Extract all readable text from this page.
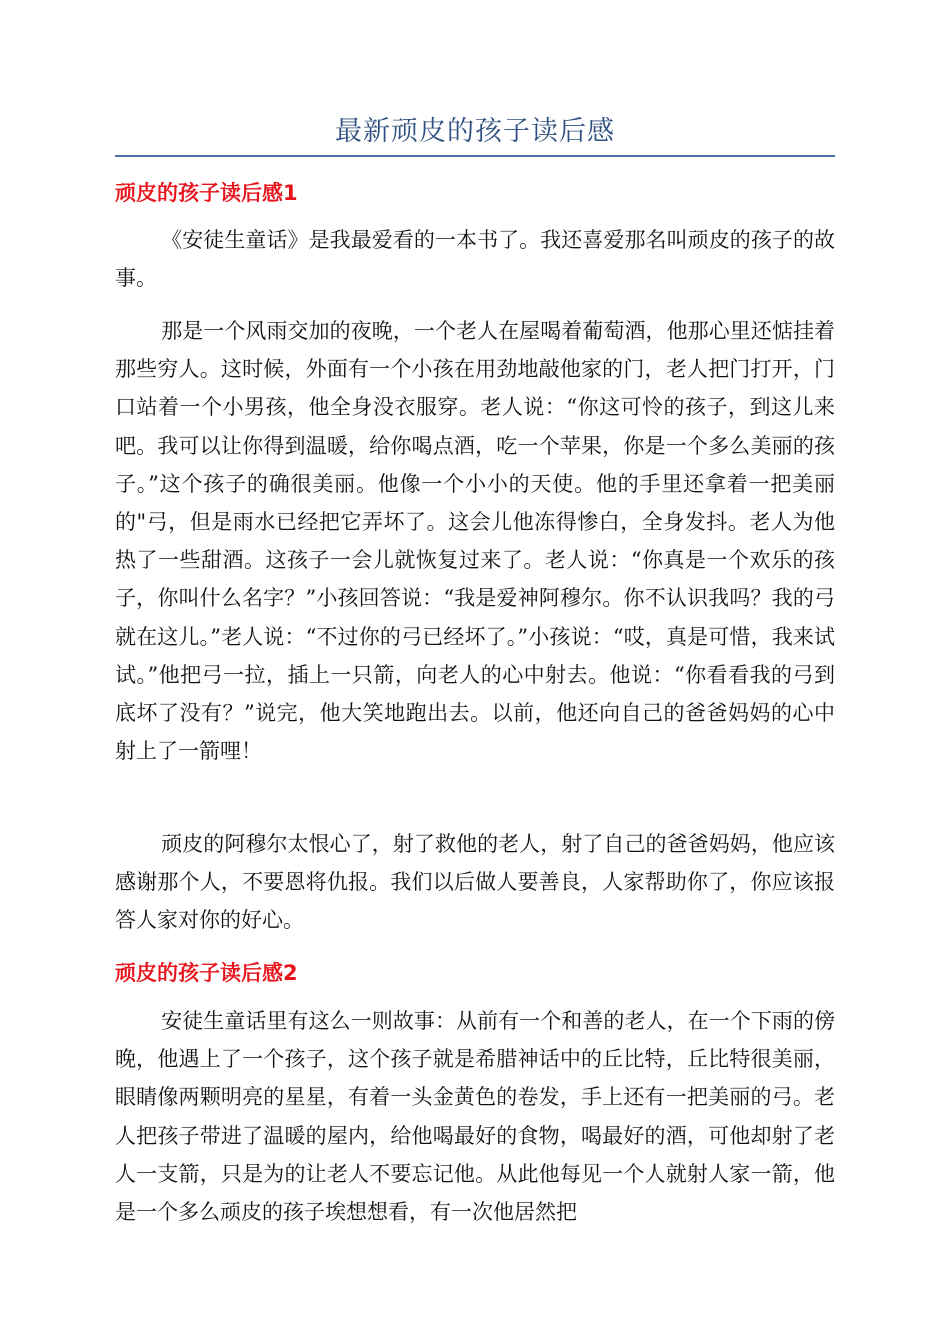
最新顽皮的孩子读后感
顽皮的孩子读后感1

《安徒生童话》是我最爱看的一本书了。我还喜爱那名叫顽皮的孩子的故事。

那是一个风雨交加的夜晚，一个老人在屋喝着葡萄酒，他那心里还惦挂着那些穷人。这时候，外面有一个小孩在用劲地敲他家的门，老人把门打开，门口站着一个小男孩，他全身没衣服穿。老人说：“你这可怜的孩子，到这儿来吧。我可以让你得到温暖，给你喝点酒，吃一个苹果，你是一个多么美丽的孩子。”这个孩子的确很美丽。他像一个小小的天使。他的手里还拿着一把美丽的"弓，但是雨水已经把它弄坏了。这会儿他冻得惨白，全身发抖。老人为他热了一些甜酒。这孩子一会儿就恢复过来了。老人说：“你真是一个欢乐的孩子，你叫什么名字？”小孩回答说：“我是爱神阿穆尔。你不认识我吗？我的弓就在这儿。”老人说：“不过你的弓已经坏了。”小孩说：“哎，真是可惜，我来试试。”他把弓一拉，插上一只箭，向老人的心中射去。他说：“你看看我的弓到底坏了没有？”说完，他大笑地跑出去。以前，他还向自己的爸爸妈妈的心中射上了一箭哩！

顽皮的阿穆尔太恨心了，射了救他的老人，射了自己的爸爸妈妈，他应该感谢那个人，不要恩将仇报。我们以后做人要善良，人家帮助你了，你应该报答人家对你的好心。

顽皮的孩子读后感2

安徒生童话里有这么一则故事：从前有一个和善的老人，在一个下雨的傍晚，他遇上了一个孩子，这个孩子就是希腊神话中的丘比特，丘比特很美丽，眼睛像两颗明亮的星星，有着一头金黄色的卷发，手上还有一把美丽的弓。老人把孩子带进了温暖的屋内，给他喝最好的食物，喝最好的酒，可他却射了老人一支箭，只是为的让老人不要忘记他。从此他每见一个人就射人家一箭，他是一个多么顽皮的孩子埃想想看，有一次他居然把
